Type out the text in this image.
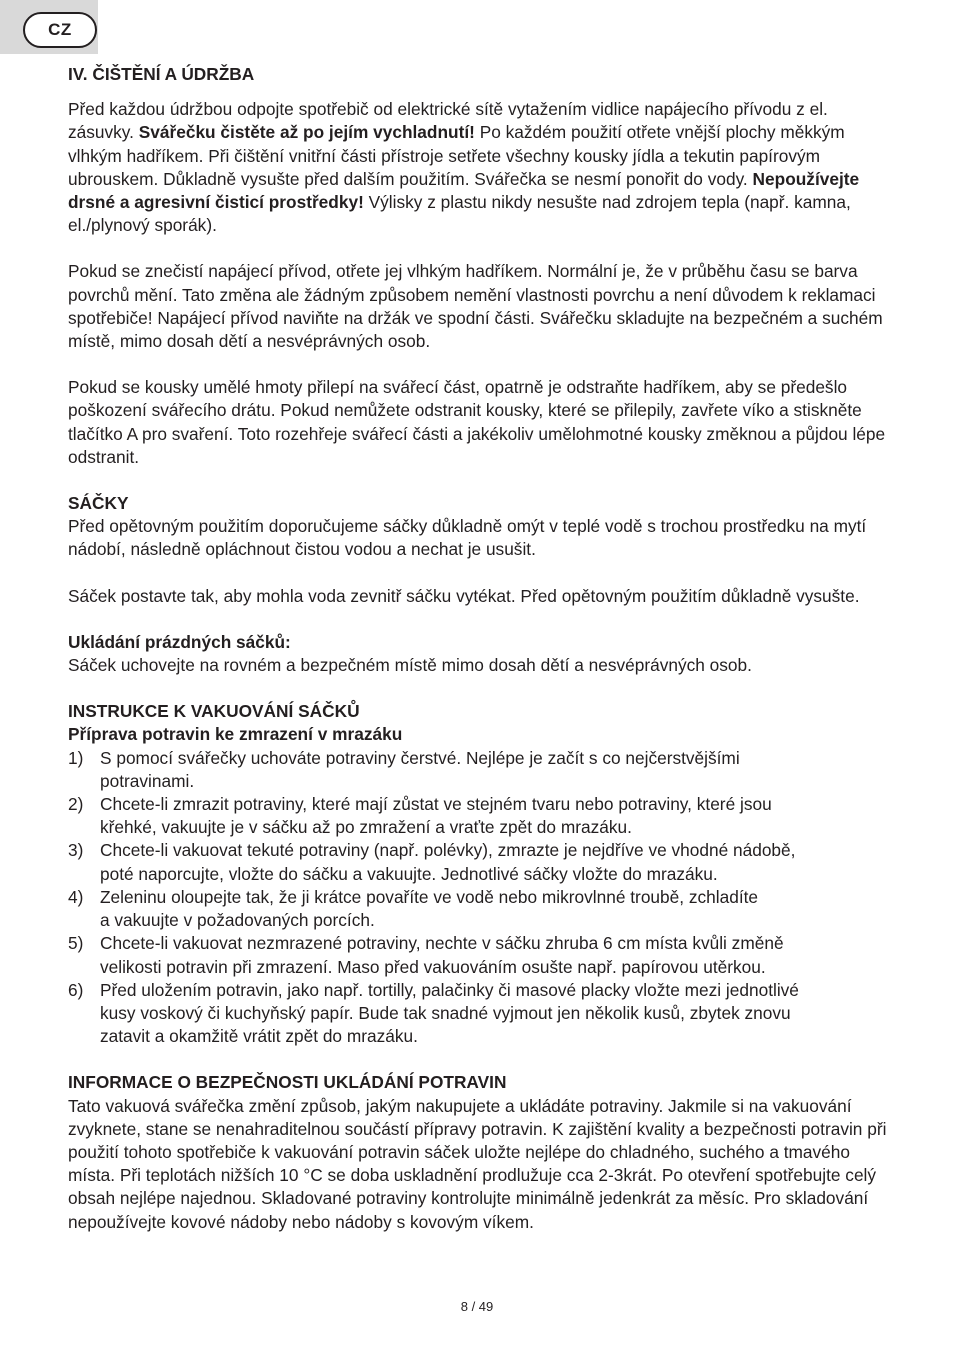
CZ

IV. ČIŠTĚNÍ A ÚDRŽBA

Před každou údržbou odpojte spotřebič od elektrické sítě vytažením vidlice napájecího přívodu z el. zásuvky. Svářečku čistěte až po jejím vychladnutí! Po každém použití otřete vnější plochy měkkým vlhkým hadříkem. Při čištění vnitřní části přístroje setřete všechny kousky jídla a tekutin papírovým ubrouskem. Důkladně vysušte před dalším použitím. Svářečka se nesmí ponořit do vody. Nepoužívejte drsné a agresivní čisticí prostředky! Výlisky z plastu nikdy nesušte nad zdrojem tepla (např. kamna, el./plynový sporák).

Pokud se znečistí napájecí přívod, otřete jej vlhkým hadříkem. Normální je, že v průběhu času se barva povrchů mění. Tato změna ale žádným způsobem nemění vlastnosti povrchu a není důvodem k reklamaci spotřebiče! Napájecí přívod naviňte na držák ve spodní části. Svářečku skladujte na bezpečném a suchém místě, mimo dosah dětí a nesvéprávných osob.

Pokud se kousky umělé hmoty přilepí na svářecí část, opatrně je odstraňte hadříkem, aby se předešlo poškození svářecího drátu. Pokud nemůžete odstranit kousky, které se přilepily, zavřete víko a stiskněte tlačítko A pro svaření. Toto rozehřeje svářecí části a jakékoliv umělohmotné kousky změknou a půjdou lépe odstranit.

SÁČKY

Před opětovným použitím doporučujeme sáčky důkladně omýt v teplé vodě s trochou prostředku na mytí nádobí, následně opláchnout čistou vodou a nechat je usušit.

Sáček postavte tak, aby mohla voda zevnitř sáčku vytékat. Před opětovným použitím důkladně vysušte.

Ukládání prázdných sáčků:

Sáček uchovejte na rovném a bezpečném místě mimo dosah dětí a nesvéprávných osob.

INSTRUKCE K VAKUOVÁNÍ SÁČKŮ

Příprava potravin ke zmrazení v mrazáku

1) S pomocí svářečky uchováte potraviny čerstvé. Nejlépe je začít s co nejčerstvějšími
potravinami.
2) Chcete-li zmrazit potraviny, které mají zůstat ve stejném tvaru nebo potraviny, které jsou
křehké, vakuujte je v sáčku až po zmražení a vraťte zpět do mrazáku.
3) Chcete-li vakuovat tekuté potraviny (např. polévky), zmrazte je nejdříve ve vhodné nádobě,
poté naporcujte, vložte do sáčku a vakuujte. Jednotlivé sáčky vložte do mrazáku.
4) Zeleninu oloupejte tak, že ji krátce povaříte ve vodě nebo mikrovlnné troubě, zchladíte
a vakuujte v požadovaných porcích.
5) Chcete-li vakuovat nezmrazené potraviny, nechte v sáčku zhruba 6 cm místa kvůli změně
velikosti potravin při zmrazení. Maso před vakuováním osušte např. papírovou utěrkou.
6) Před uložením potravin, jako např. tortilly, palačinky či masové placky vložte mezi jednotlivé
kusy voskový či kuchyňský papír. Bude tak snadné vyjmout jen několik kusů, zbytek znovu
zatavit a okamžitě vrátit zpět do mrazáku.

INFORMACE O BEZPEČNOSTI UKLÁDÁNÍ POTRAVIN

Tato vakuová svářečka změní způsob, jakým nakupujete a ukládáte potraviny. Jakmile si na vakuování zvyknete, stane se nenahraditelnou součástí přípravy potravin. K zajištění kvality a bezpečnosti potravin při použití tohoto spotřebiče k vakuování potravin sáček uložte nejlépe do chladného, suchého a tmavého místa. Při teplotách nižších 10 °C se doba uskladnění prodlužuje cca 2-3krát. Po otevření spotřebujte celý obsah nejlépe najednou. Skladované potraviny kontrolujte minimálně jedenkrát za měsíc. Pro skladování nepoužívejte kovové nádoby nebo nádoby s kovovým víkem.

8 / 49
